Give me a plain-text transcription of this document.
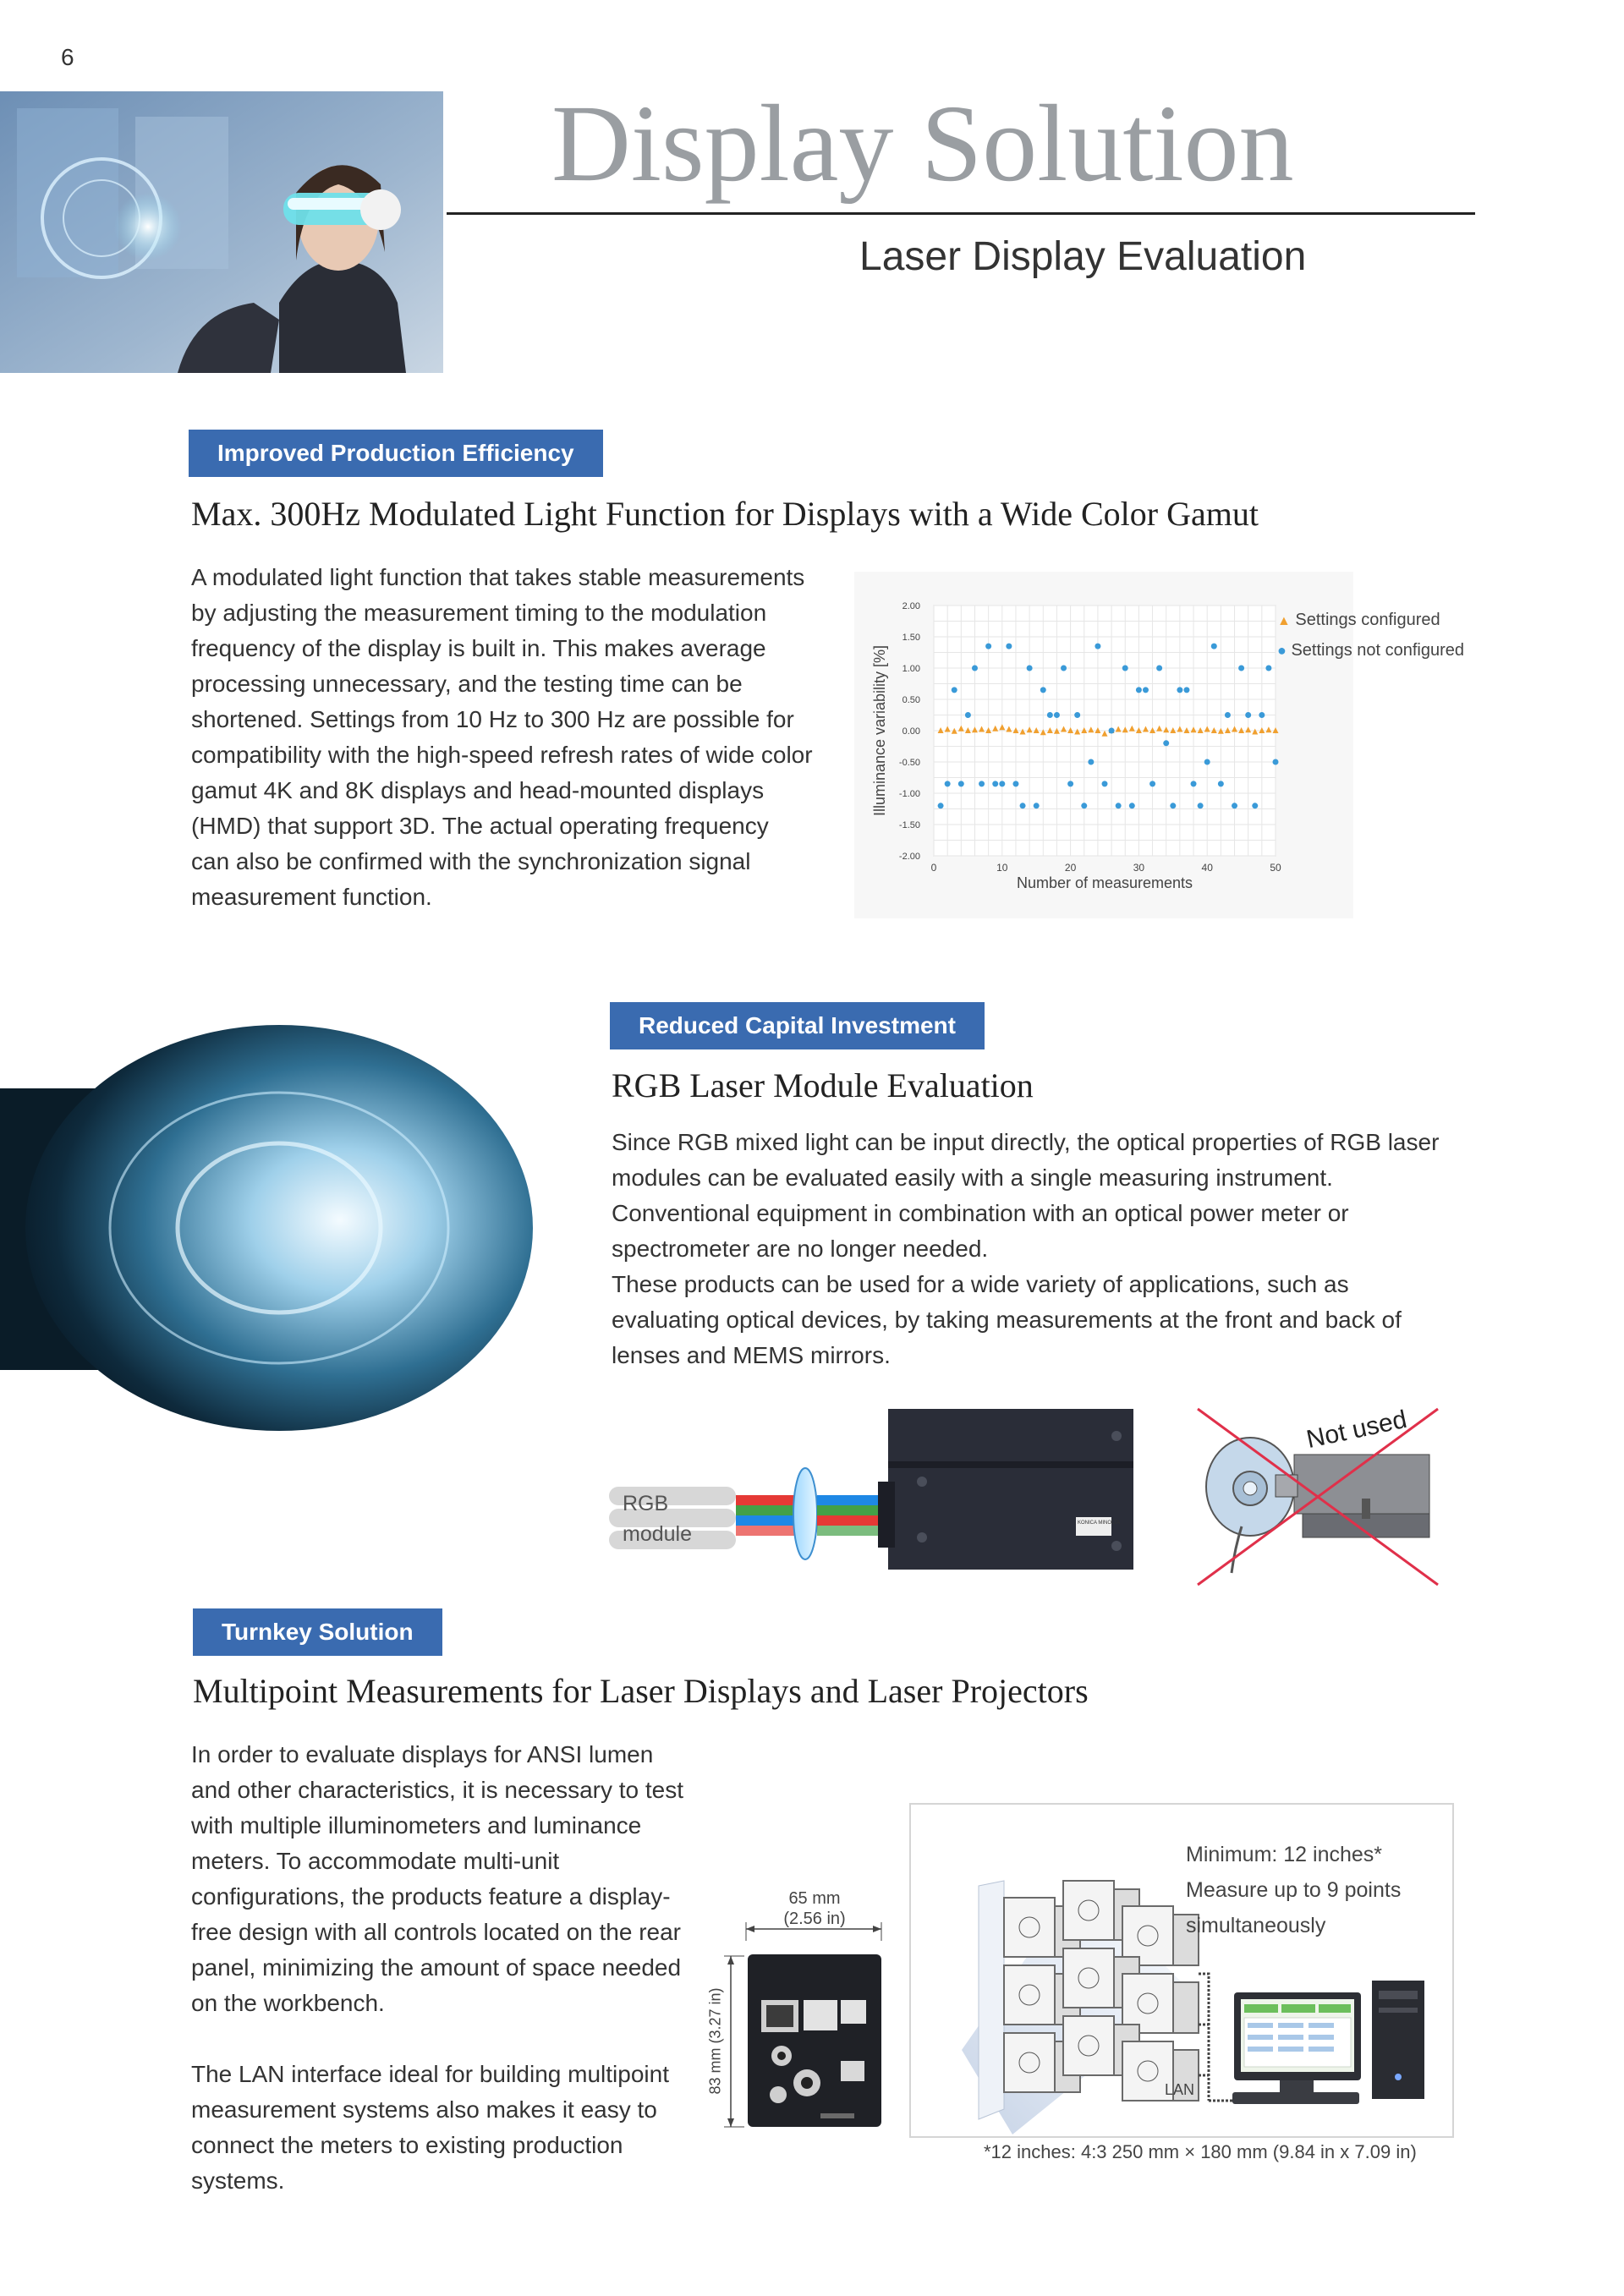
6
Display Solution
Laser Display Evaluation
Improved Production Efficiency
Max. 300Hz Modulated Light Function for Displays with a Wide Color Gamut
A modulated light function that takes stable measurements by adjusting the measurement timing to the modulation frequency of the display is built in. This makes average processing unnecessary, and the testing time can be shortened. Settings from 10 Hz to 300 Hz are possible for compatibility with the high-speed refresh rates of wide color gamut 4K and 8K displays and head-mounted displays (HMD) that support 3D. The actual operating frequency can also be confirmed with the synchronization signal measurement function.
2.00
1.50
1.00
0.50
0.00
-0.50
-1.00
-1.50
-2.00
0	10	20	30	40	50
Number of measurements
Illuminance variability [%]
▲ Settings configured
● Settings not configured
Reduced Capital Investment
RGB Laser Module Evaluation

Since RGB mixed light can be input directly, the optical properties of RGB laser modules can be evaluated easily with a single measuring instrument. Conventional equipment in combination with an optical power meter or spectrometer are no longer needed.

These products can be used for a wide variety of applications, such as evaluating optical devices, by taking measurements at the front and back of lenses and MEMS mirrors.

RGB
module	KONICA MINOLTA
Not used
Turnkey Solution
Multipoint Measurements for Laser Displays and Laser Projectors

In order to evaluate displays for ANSI lumen and other characteristics, it is necessary to test with multiple illuminometers and luminance meters. To accommodate multi-unit configurations, the products feature a display-free design with all controls located on the rear panel, minimizing the amount of space needed on the workbench.

The LAN interface ideal for building multipoint measurement systems also makes it easy to connect the meters to existing production systems.

65 mm
(2.56 in)
83 mm (3.27 in)
Minimum: 12 inches*
Measure up to 9 points
simultaneously
LAN
*12 inches: 4:3 250 mm × 180 mm (9.84 in x 7.09 in)
